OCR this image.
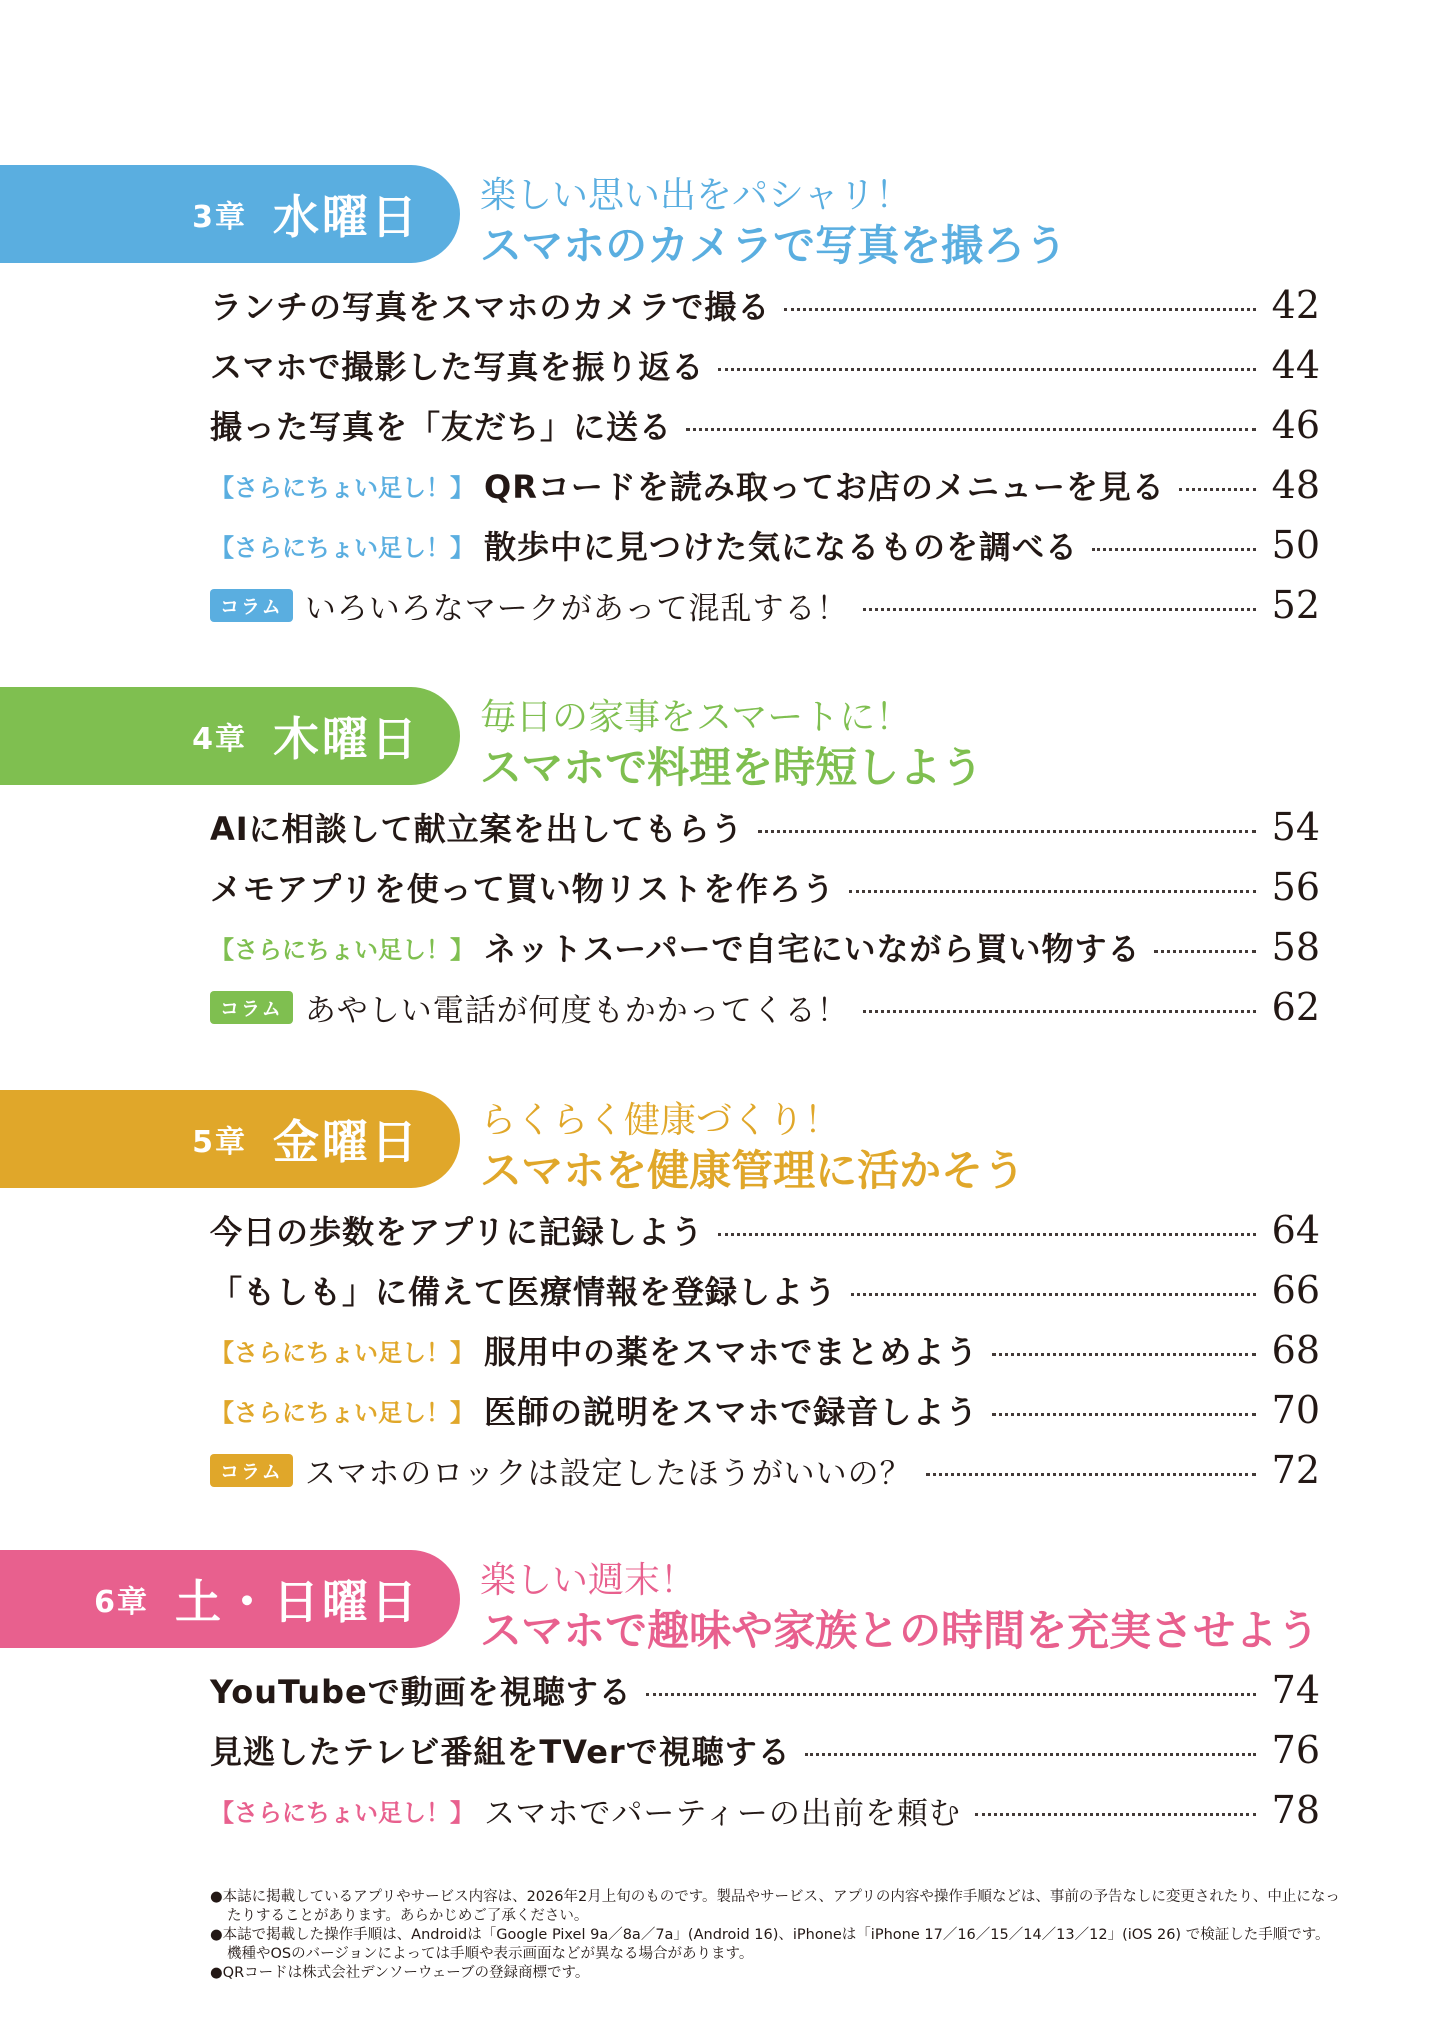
3章 水曜日 楽しい思い出をパシャリ！
スマホのカメラで写真を撮ろう
ランチの写真をスマホのカメラで撮る	42
スマホで撮影した写真を振り返る	44
撮った写真を「友だち」に送る	46
【さらにちょい足し！】 QRコードを読み取ってお店のメニューを見る	48
【さらにちょい足し！】 散歩中に見つけた気になるものを調べる	50
コラム いろいろなマークがあって混乱する！	52
4章 木曜日 毎日の家事をスマートに！
スマホで料理を時短しよう
AIに相談して献立案を出してもらう	54
メモアプリを使って買い物リストを作ろう	56
【さらにちょい足し！】 ネットスーパーで自宅にいながら買い物する	58
コラム あやしい電話が何度もかかってくる！	62
5章 金曜日 らくらく健康づくり！
スマホを健康管理に活かそう
今日の歩数をアプリに記録しよう	64
「もしも」に備えて医療情報を登録しよう	66
【さらにちょい足し！】 服用中の薬をスマホでまとめよう	68
【さらにちょい足し！】 医師の説明をスマホで録音しよう	70
コラム スマホのロックは設定したほうがいいの？	72
6章 土・日曜日 楽しい週末！
スマホで趣味や家族との時間を充実させよう
YouTubeで動画を視聴する	74
見逃したテレビ番組をTVerで視聴する	76
【さらにちょい足し！】 スマホでパーティーの出前を頼む	78
●本誌に掲載しているアプリやサービス内容は、2026年2月上旬のものです。製品やサービス、アプリの内容や操作手順などは、事前の予告なしに変更されたり、中止になったりすることがあります。あらかじめご了承ください。
●本誌で掲載した操作手順は、Androidは「Google Pixel 9a／8a／7a」(Android 16)、iPhoneは「iPhone 17／16／15／14／13／12」(iOS 26) で検証した手順です。機種やOSのバージョンによっては手順や表示画面などが異なる場合があります。
●QRコードは株式会社デンソーウェーブの登録商標です。
